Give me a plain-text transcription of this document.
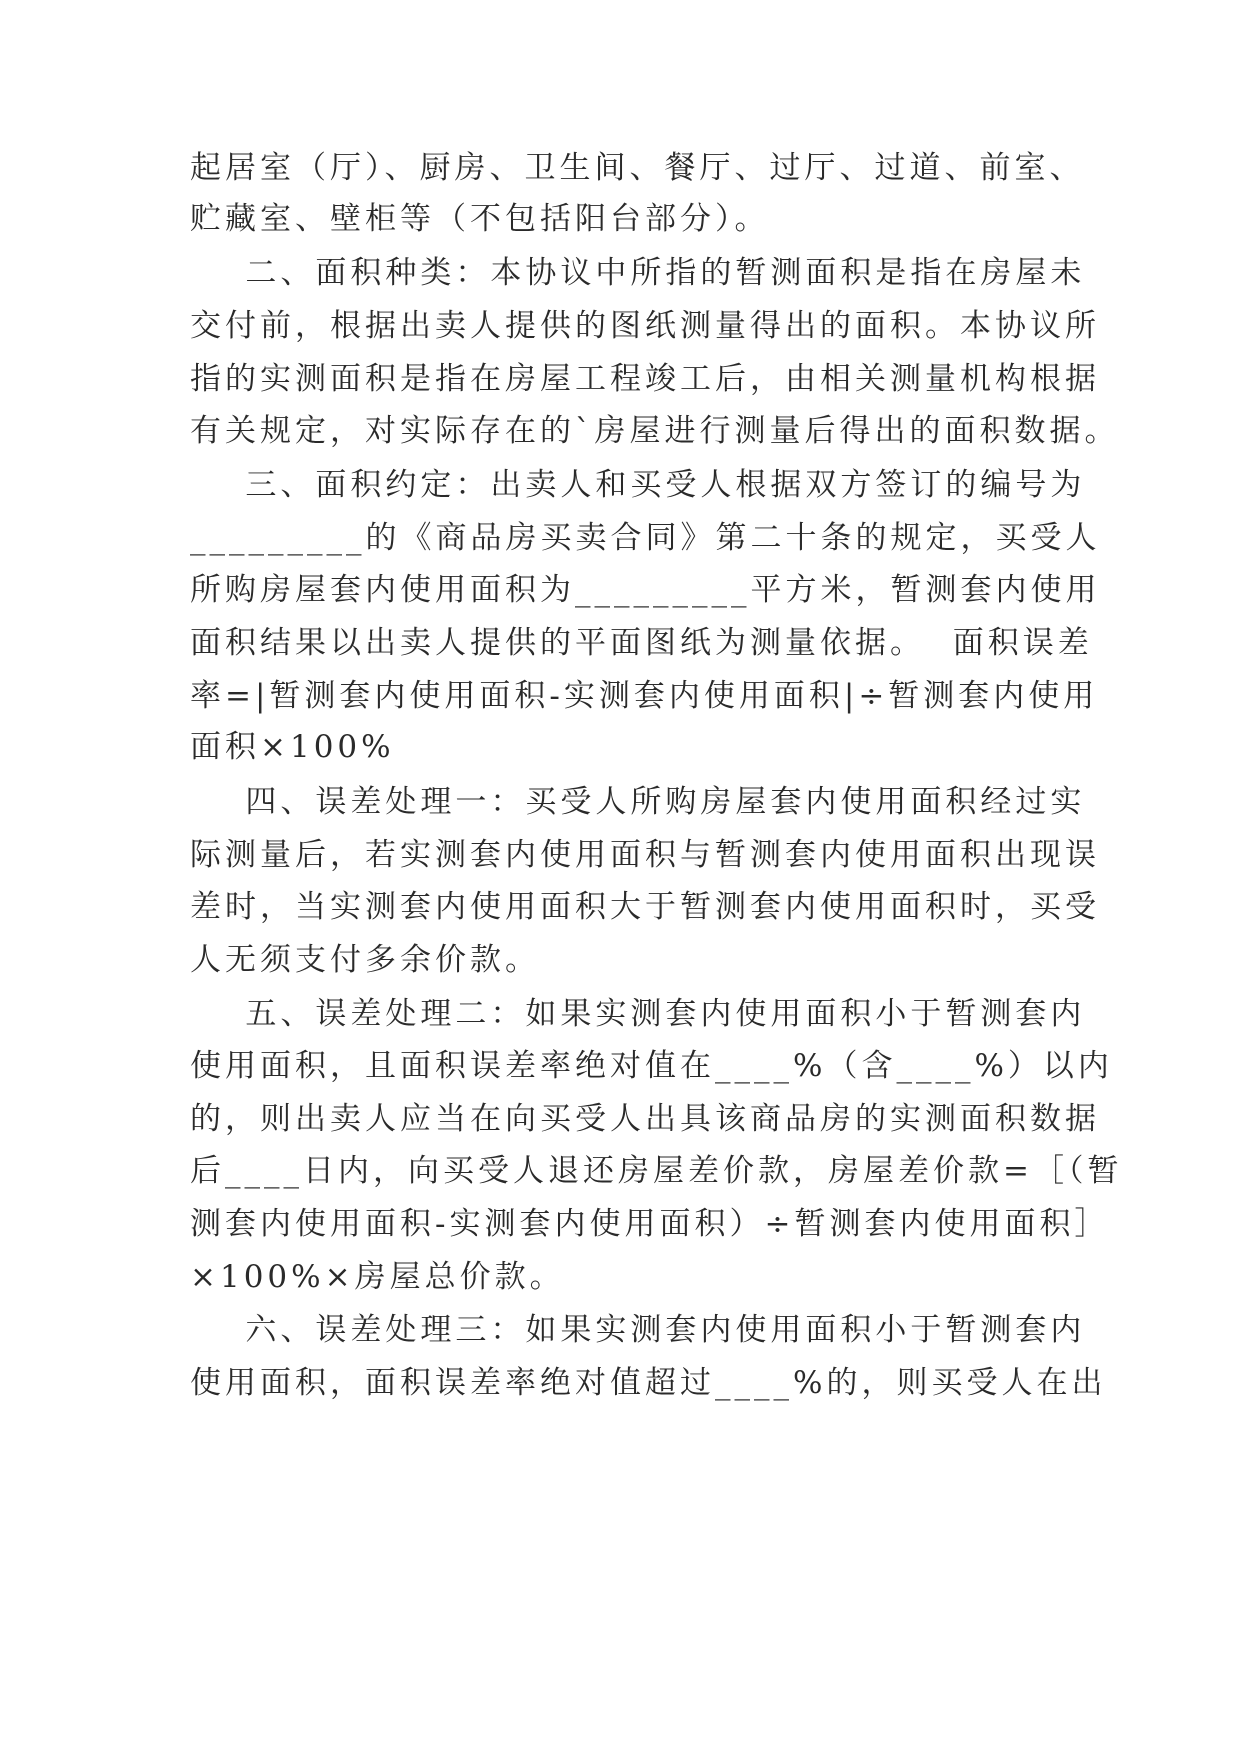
起居室（厅）、厨房、卫生间、餐厅、过厅、过道、前室、
贮藏室、壁柜等（不包括阳台部分）。
二、面积种类：本协议中所指的暂测面积是指在房屋未
交付前，根据出卖人提供的图纸测量得出的面积。本协议所
指的实测面积是指在房屋工程竣工后，由相关测量机构根据
有关规定，对实际存在的`房屋进行测量后得出的面积数据。
三、面积约定：出卖人和买受人根据双方签订的编号为
_________的《商品房买卖合同》第二十条的规定，买受人
所购房屋套内使用面积为_________平方米，暂测套内使用
面积结果以出卖人提供的平面图纸为测量依据。  面积误差
率=|暂测套内使用面积-实测套内使用面积|÷暂测套内使用
面积×100%
四、误差处理一：买受人所购房屋套内使用面积经过实
际测量后，若实测套内使用面积与暂测套内使用面积出现误
差时，当实测套内使用面积大于暂测套内使用面积时，买受
人无须支付多余价款。
五、误差处理二：如果实测套内使用面积小于暂测套内
使用面积，且面积误差率绝对值在____%（含____%）以内
的，则出卖人应当在向买受人出具该商品房的实测面积数据
后____日内，向买受人退还房屋差价款，房屋差价款=［（暂
测套内使用面积-实测套内使用面积）÷暂测套内使用面积］
×100%×房屋总价款。
六、误差处理三：如果实测套内使用面积小于暂测套内
使用面积，面积误差率绝对值超过____%的，则买受人在出
